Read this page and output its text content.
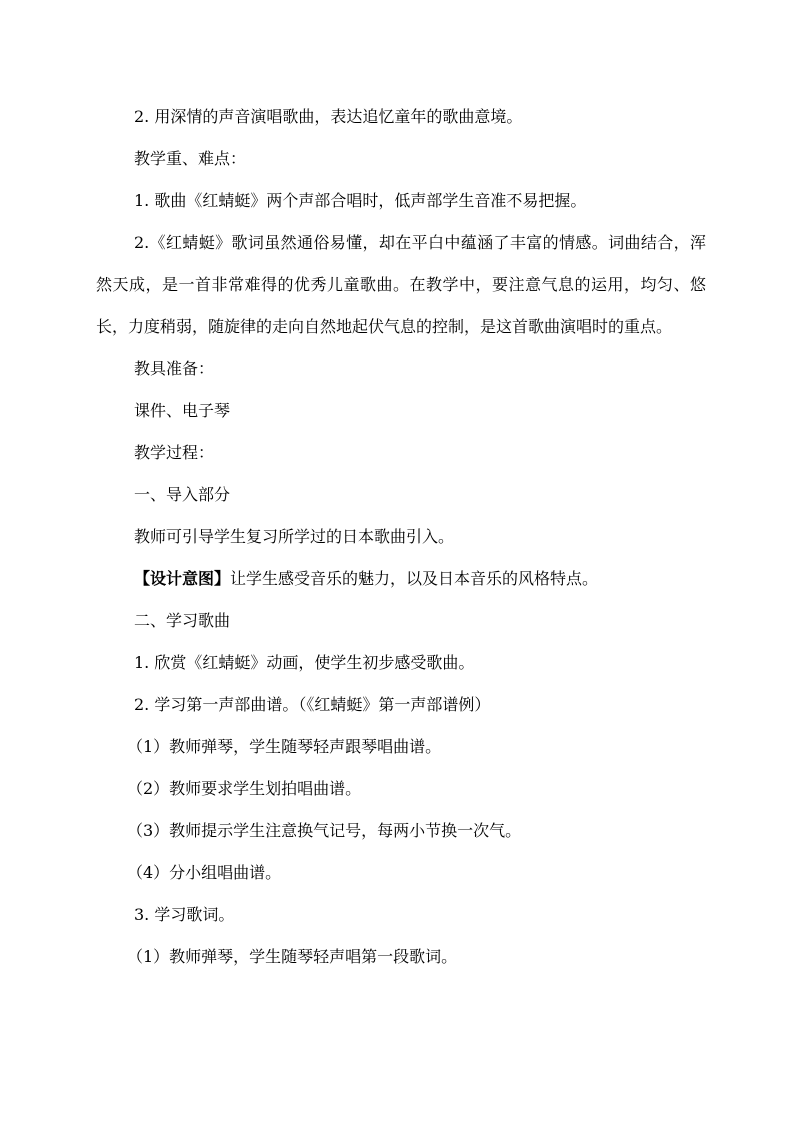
2. 用深情的声音演唱歌曲，表达追忆童年的歌曲意境。

教学重、难点：

1. 歌曲《红蜻蜓》两个声部合唱时，低声部学生音准不易把握。

2.《红蜻蜓》歌词虽然通俗易懂，却在平白中蕴涵了丰富的情感。词曲结合，浑然天成，是一首非常难得的优秀儿童歌曲。在教学中，要注意气息的运用，均匀、悠长，力度稍弱，随旋律的走向自然地起伏气息的控制，是这首歌曲演唱时的重点。

教具准备：

课件、电子琴

教学过程：

一、导入部分

教师可引导学生复习所学过的日本歌曲引入。

【设计意图】让学生感受音乐的魅力，以及日本音乐的风格特点。

二、学习歌曲

1. 欣赏《红蜻蜓》动画，使学生初步感受歌曲。

2. 学习第一声部曲谱。（《红蜻蜓》第一声部谱例）

（1）教师弹琴，学生随琴轻声跟琴唱曲谱。

（2）教师要求学生划拍唱曲谱。

（3）教师提示学生注意换气记号，每两小节换一次气。

（4）分小组唱曲谱。

3. 学习歌词。

（1）教师弹琴，学生随琴轻声唱第一段歌词。
